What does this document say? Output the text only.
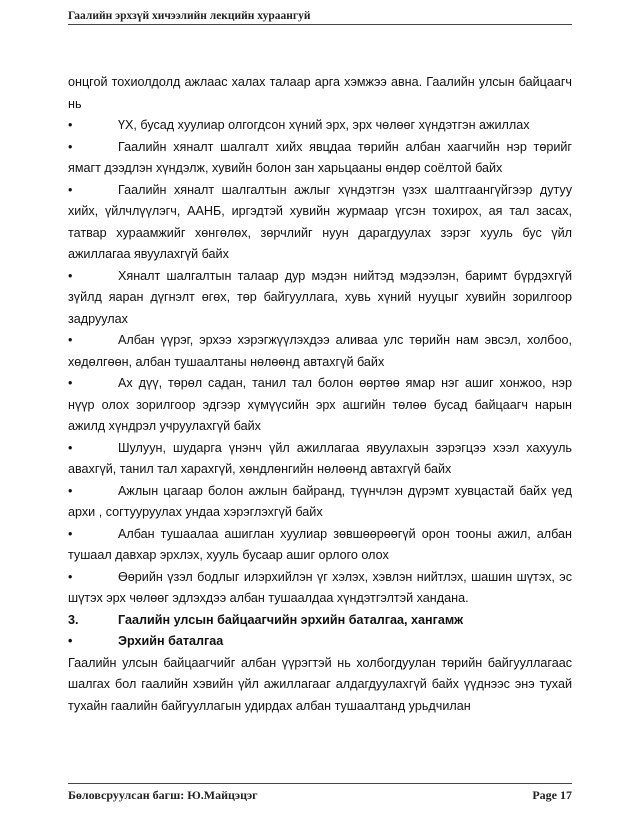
Гаалийн эрхзүй хичээлийн лекцийн хураангуй

онцгой тохиолдолд ажлаас халах талаар арга хэмжээ авна. Гаалийн улсын байцаагч нь

•	ҮХ, бусад хуулиар олгогдсон хүний эрх, эрх чөлөөг хүндэтгэн ажиллах
•	Гаалийн хяналт шалгалт хийх явцдаа төрийн албан хаагчийн нэр төрийг ямагт дээдлэн хүндэлж, хувийн болон зан харьцааны өндөр соёлтой байх
•	Гаалийн хяналт шалгалтын ажлыг хүндэтгэн үзэх шалтгаангүйгээр дутуу хийх, үйлчлүүлэгч, ААНБ, иргэдтэй хувийн журмаар үгсэн тохирох, ая тал засах, татвар хураамжийг хөнгөлөх, зөрчлийг нуун дарагдуулах зэрэг хууль бус үйл ажиллагаа явуулахгүй байх
•	Хяналт шалгалтын талаар дур мэдэн нийтэд мэдээлэн, баримт бүрдэхгүй зүйлд яаран дүгнэлт өгөх, төр байгууллага, хувь хүний нууцыг хувийн зорилгоор задруулах
•	Албан үүрэг, эрхээ хэрэгжүүлэхдээ аливаа улс төрийн нам эвсэл, холбоо, хөдөлгөөн, албан тушаалтаны нөлөөнд автахгүй байх
•	Ах дүү, төрөл садан, танил тал болон өөртөө ямар нэг ашиг хонжоо, нэр нүүр олох зорилгоор эдгээр хүмүүсийн эрх ашгийн төлөө бусад байцаагч нарын ажилд хүндрэл учруулахгүй байх
•	Шулуун, шударга үнэнч үйл ажиллагаа явуулахын зэрэгцээ хээл хахууль авахгүй, танил тал харахгүй, хөндлөнгийн нөлөөнд автахгүй байх
•	Ажлын цагаар болон ажлын байранд, түүнчлэн дүрэмт хувцастай байх үед архи , согтууруулах ундаа хэрэглэхгүй байх
•	Албан тушаалаа ашиглан хуулиар зөвшөөрөөгүй орон тооны ажил, албан тушаал давхар эрхлэх, хууль бусаар ашиг орлого олох
•	Өөрийн үзэл бодлыг илэрхийлэн үг хэлэх, хэвлэн нийтлэх, шашин шүтэх, эс шүтэх эрх чөлөөг эдлэхдээ албан тушаалдаа хүндэтгэлтэй хандана.
3.	Гаалийн улсын байцаагчийн эрхийн баталгаа, хангамж
•	Эрхийн баталгаа

Гаалийн улсын байцаагчийг албан үүрэгтэй нь холбогдуулан төрийн байгууллагаас шалгах бол гаалийн хэвийн үйл ажиллагааг алдагдуулахгүй байх үүднээс энэ тухай тухайн гаалийн байгууллагын удирдах албан тушаалтанд урьдчилан

Бөловсруулсан багш: Ю.Майцэцэг	Page 17
